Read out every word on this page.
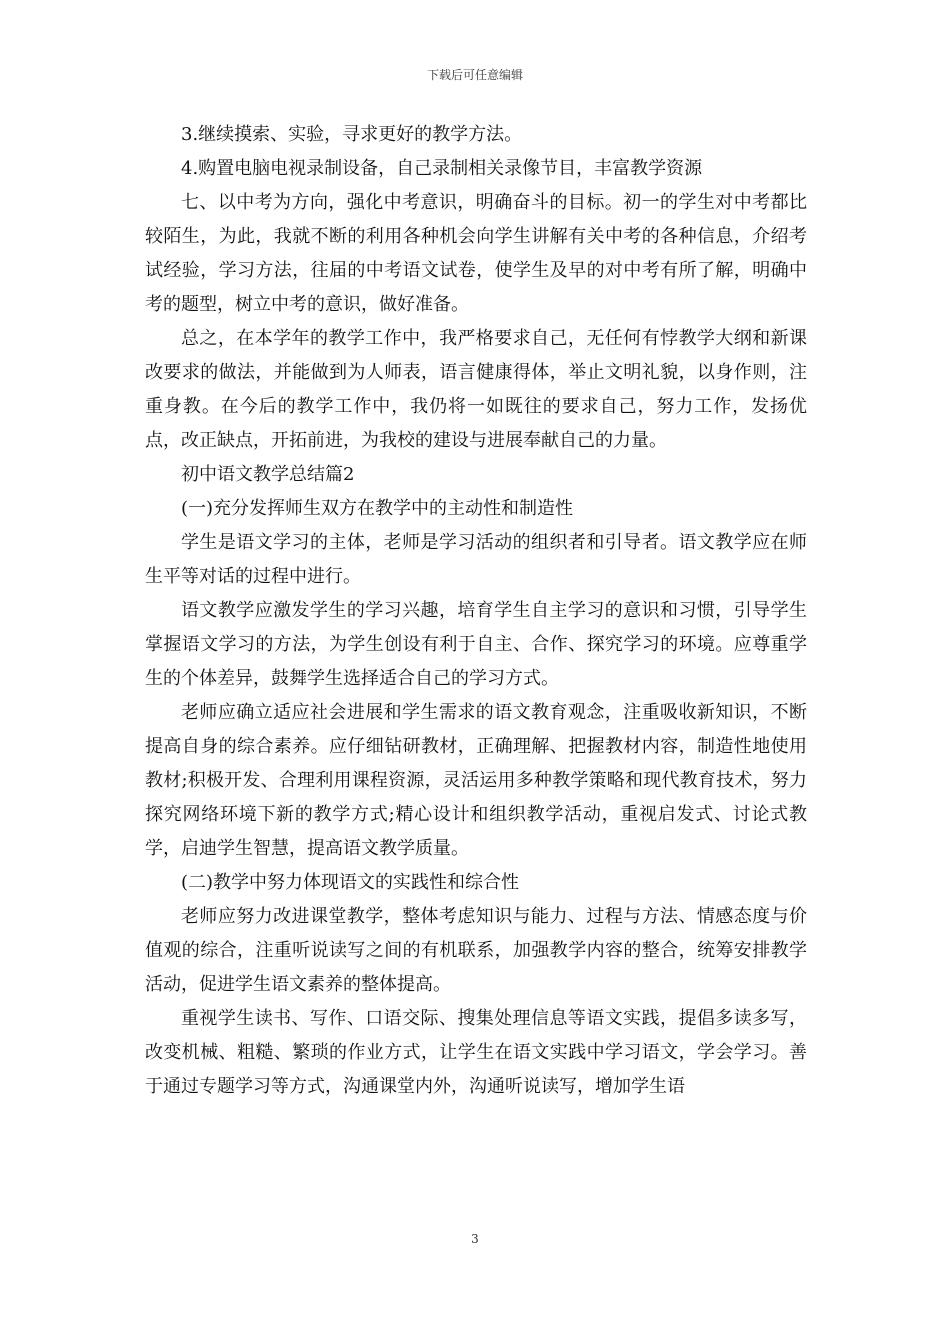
下载后可任意编辑

3.继续摸索、实验，寻求更好的教学方法。

4.购置电脑电视录制设备，自己录制相关录像节目，丰富教学资源

七、以中考为方向，强化中考意识，明确奋斗的目标。初一的学生对中考都比较陌生，为此，我就不断的利用各种机会向学生讲解有关中考的各种信息，介绍考试经验，学习方法，往届的中考语文试卷，使学生及早的对中考有所了解，明确中考的题型，树立中考的意识，做好准备。

总之，在本学年的教学工作中，我严格要求自己，无任何有悖教学大纲和新课改要求的做法，并能做到为人师表，语言健康得体，举止文明礼貌，以身作则，注重身教。在今后的教学工作中，我仍将一如既往的要求自己，努力工作，发扬优点，改正缺点，开拓前进，为我校的建设与进展奉献自己的力量。

初中语文教学总结篇2

(一)充分发挥师生双方在教学中的主动性和制造性

学生是语文学习的主体，老师是学习活动的组织者和引导者。语文教学应在师生平等对话的过程中进行。

语文教学应激发学生的学习兴趣，培育学生自主学习的意识和习惯，引导学生掌握语文学习的方法，为学生创设有利于自主、合作、探究学习的环境。应尊重学生的个体差异，鼓舞学生选择适合自己的学习方式。

老师应确立适应社会进展和学生需求的语文教育观念，注重吸收新知识，不断提高自身的综合素养。应仔细钻研教材，正确理解、把握教材内容，制造性地使用教材;积极开发、合理利用课程资源，灵活运用多种教学策略和现代教育技术，努力探究网络环境下新的教学方式;精心设计和组织教学活动，重视启发式、讨论式教学，启迪学生智慧，提高语文教学质量。

(二)教学中努力体现语文的实践性和综合性

老师应努力改进课堂教学，整体考虑知识与能力、过程与方法、情感态度与价值观的综合，注重听说读写之间的有机联系，加强教学内容的整合，统筹安排教学活动，促进学生语文素养的整体提高。

重视学生读书、写作、口语交际、搜集处理信息等语文实践，提倡多读多写，改变机械、粗糙、繁琐的作业方式，让学生在语文实践中学习语文，学会学习。善于通过专题学习等方式，沟通课堂内外，沟通听说读写，增加学生语

3
